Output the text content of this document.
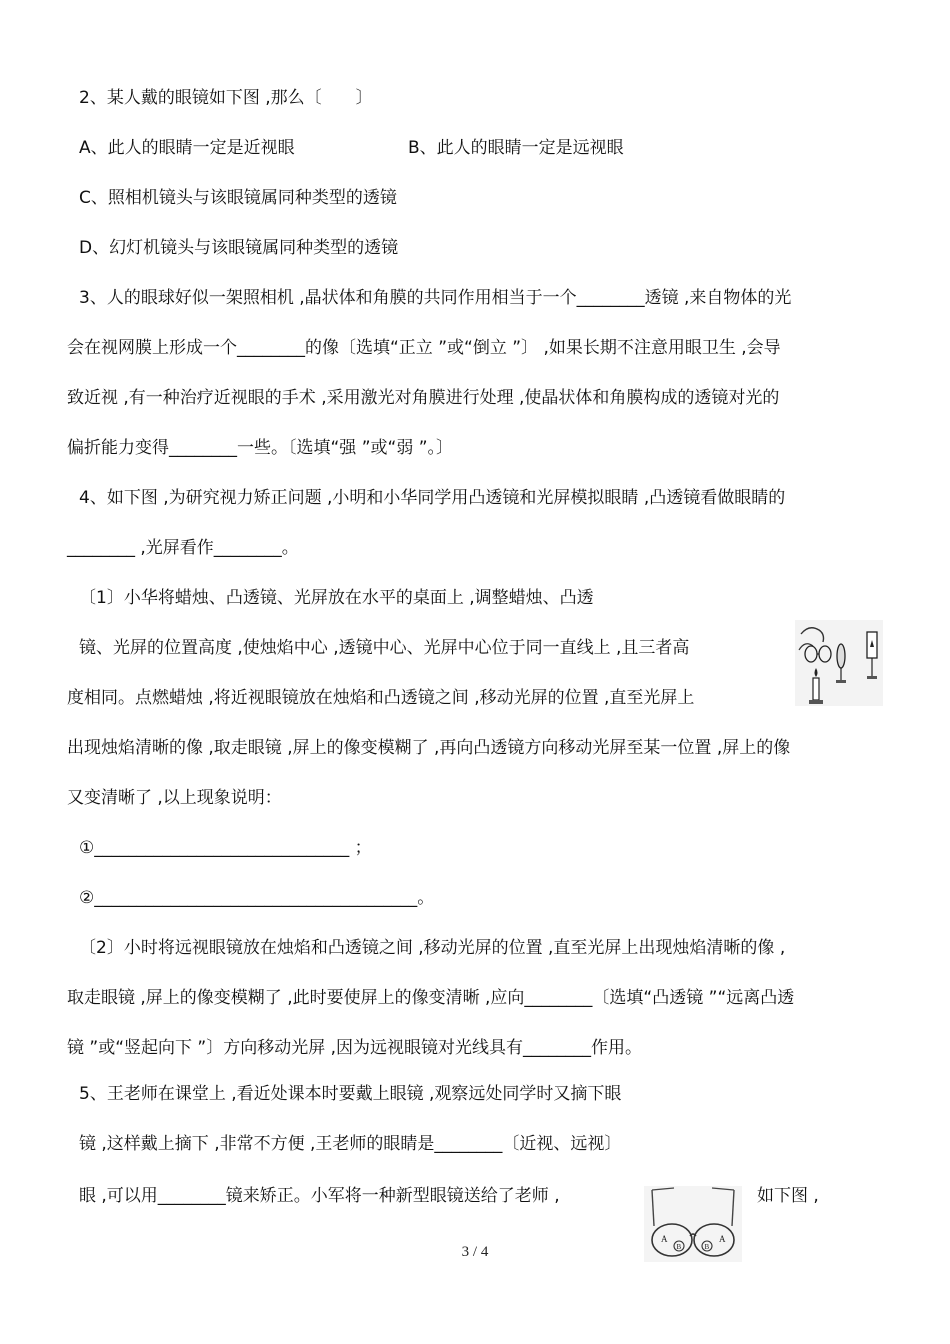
2、某人戴的眼镜如下图 ,那么〔　　〕
A、此人的眼睛一定是近视眼	B、此人的眼睛一定是远视眼
C、照相机镜头与该眼镜属同种类型的透镜
D、幻灯机镜头与该眼镜属同种类型的透镜
3、人的眼球好似一架照相机 ,晶状体和角膜的共同作用相当于一个________透镜 ,来自物体的光
会在视网膜上形成一个________的像〔选填“正立 ”或“倒立 ”〕 ,如果长期不注意用眼卫生 ,会导
致近视 ,有一种治疗近视眼的手术 ,采用激光对角膜进行处理 ,使晶状体和角膜构成的透镜对光的
偏折能力变得________一些。〔选填“强 ”或“弱 ”。〕
4、如下图 ,为研究视力矫正问题 ,小明和小华同学用凸透镜和光屏模拟眼睛 ,凸透镜看做眼睛的
________ ,光屏看作________。
〔1〕小华将蜡烛、凸透镜、光屏放在水平的桌面上 ,调整蜡烛、凸透
镜、光屏的位置高度 ,使烛焰中心 ,透镜中心、光屏中心位于同一直线上 ,且三者高
度相同。点燃蜡烛 ,将近视眼镜放在烛焰和凸透镜之间 ,移动光屏的位置 ,直至光屏上
出现烛焰清晰的像 ,取走眼镜 ,屏上的像变模糊了 ,再向凸透镜方向移动光屏至某一位置 ,屏上的像
又变清晰了 ,以上现象说明：
①______________________________ ；
②______________________________________。
〔2〕小时将远视眼镜放在烛焰和凸透镜之间 ,移动光屏的位置 ,直至光屏上出现烛焰清晰的像 ,
取走眼镜 ,屏上的像变模糊了 ,此时要使屏上的像变清晰 ,应向________〔选填“凸透镜 ”“远离凸透
镜 ”或“竖起向下 ”〕方向移动光屏 ,因为远视眼镜对光线具有________作用。
5、王老师在课堂上 ,看近处课本时要戴上眼镜 ,观察远处同学时又摘下眼
镜 ,这样戴上摘下 ,非常不方便 ,王老师的眼睛是________〔近视、远视〕
眼 ,可以用________镜来矫正。小军将一种新型眼镜送给了老师 ,	如下图 ,
A
B	B
A
3 / 4
